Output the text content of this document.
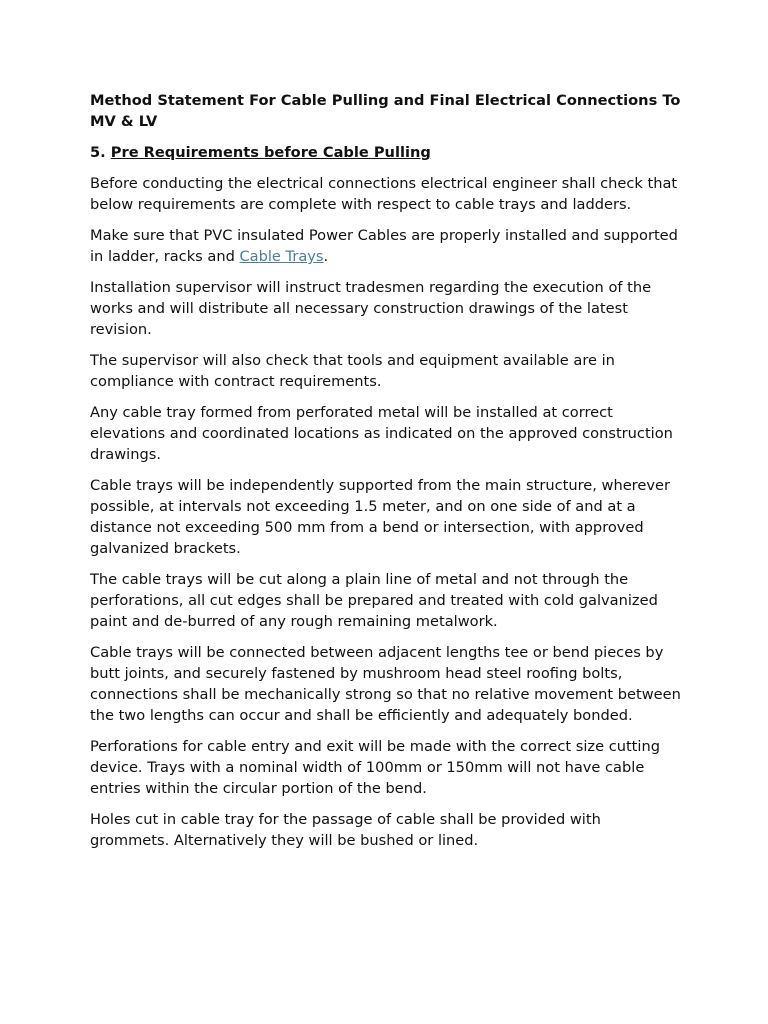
Method Statement For Cable Pulling and Final Electrical Connections To MV & LV
5. Pre Requirements before Cable Pulling

Before conducting the electrical connections electrical engineer shall check that below requirements are complete with respect to cable trays and ladders.

Make sure that PVC insulated Power Cables are properly installed and supported in ladder, racks and Cable Trays.

Installation supervisor will instruct tradesmen regarding the execution of the works and will distribute all necessary construction drawings of the latest revision.

The supervisor will also check that tools and equipment available are in compliance with contract requirements.

Any cable tray formed from perforated metal will be installed at correct elevations and coordinated locations as indicated on the approved construction drawings.

Cable trays will be independently supported from the main structure, wherever possible, at intervals not exceeding 1.5 meter, and on one side of and at a distance not exceeding 500 mm from a bend or intersection, with approved galvanized brackets.

The cable trays will be cut along a plain line of metal and not through the perforations, all cut edges shall be prepared and treated with cold galvanized paint and de-burred of any rough remaining metalwork.

Cable trays will be connected between adjacent lengths tee or bend pieces by butt joints, and securely fastened by mushroom head steel roofing bolts, connections shall be mechanically strong so that no relative movement between the two lengths can occur and shall be efficiently and adequately bonded.

Perforations for cable entry and exit will be made with the correct size cutting device. Trays with a nominal width of 100mm or 150mm will not have cable entries within the circular portion of the bend.

Holes cut in cable tray for the passage of cable shall be provided with grommets. Alternatively they will be bushed or lined.
